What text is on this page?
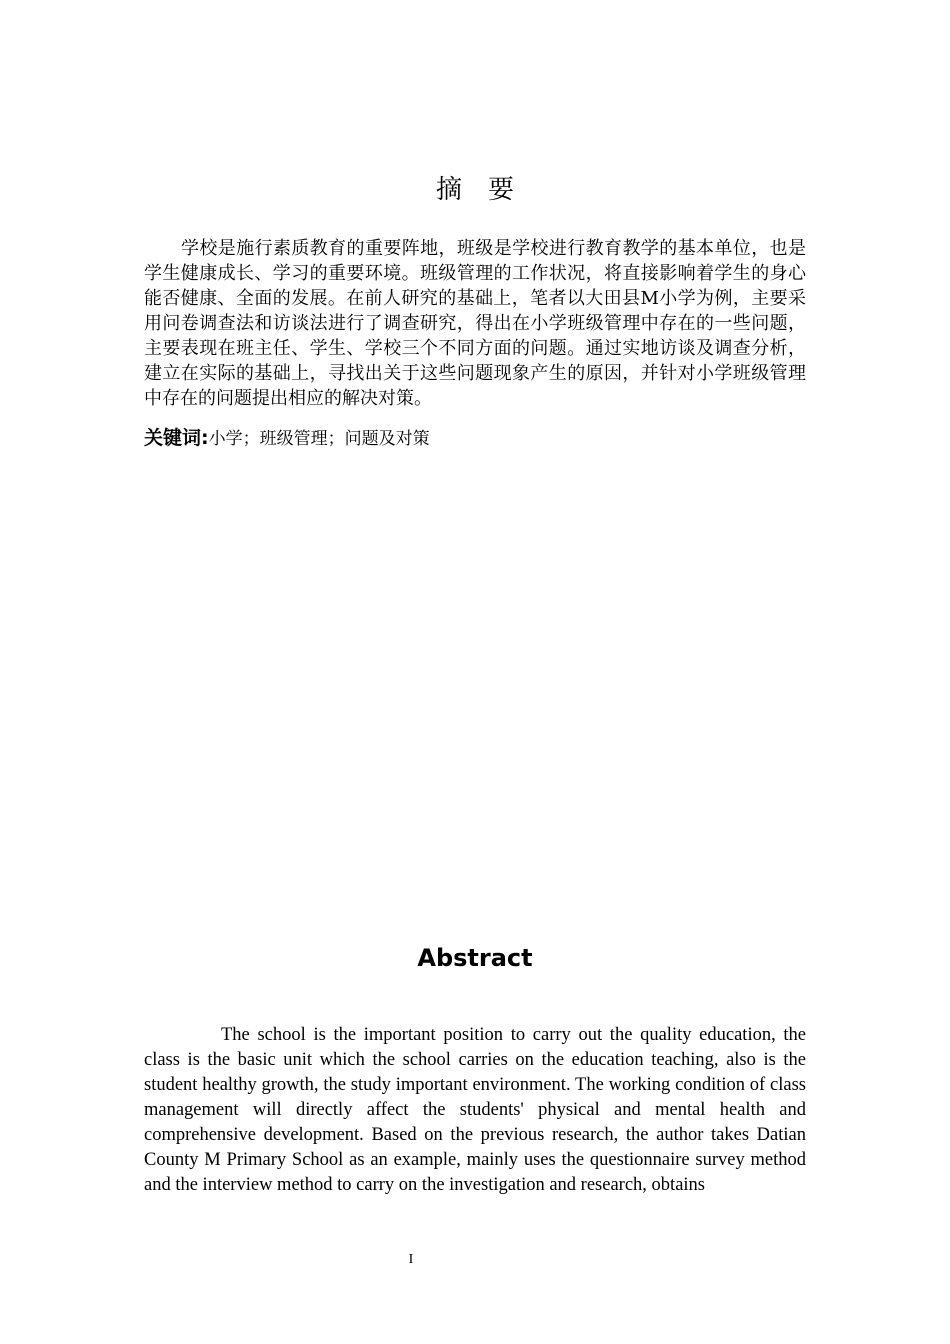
摘要
学校是施行素质教育的重要阵地，班级是学校进行教育教学的基本单位，也是学生健康成长、学习的重要环境。班级管理的工作状况，将直接影响着学生的身心能否健康、全面的发展。在前人研究的基础上，笔者以大田县M小学为例，主要采用问卷调查法和访谈法进行了调查研究，得出在小学班级管理中存在的一些问题，主要表现在班主任、学生、学校三个不同方面的问题。通过实地访谈及调查分析，建立在实际的基础上，寻找出关于这些问题现象产生的原因，并针对小学班级管理中存在的问题提出相应的解决对策。
关键词:小学；班级管理；问题及对策
Abstract
The school is the important position to carry out the quality education, the class is the basic unit which the school carries on the education teaching, also is the student healthy growth, the study important environment. The working condition of class management will directly affect the students' physical and mental health and comprehensive development. Based on the previous research, the author takes Datian County M Primary School as an example, mainly uses the questionnaire survey method and the interview method to carry on the investigation and research, obtains
I
